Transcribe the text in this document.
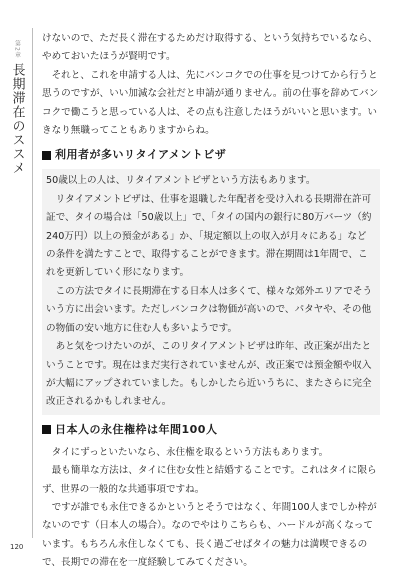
第2章
長期滞在のススメ

けないので、ただ長く滞在するためだけ取得する、という気持ちでいるなら、やめておいたほうが賢明です。
　それと、これを申請する人は、先にバンコクでの仕事を見つけてから行うと思うのですが、いい加減な会社だと申請が通りません。前の仕事を辞めてバンコクで働こうと思っている人は、その点も注意したほうがいいと思います。いきなり無職ってこともありますからね。

利用者が多いリタイアメントビザ

50歳以上の人は、リタイアメントビザという方法もあります。
　リタイアメントビザは、仕事を退職した年配者を受け入れる長期滞在許可証で、タイの場合は「50歳以上」で、「タイの国内の銀行に80万バーツ（約240万円）以上の預金がある」か、「規定額以上の収入が月々にある」などの条件を満たすことで、取得することができます。滞在期間は1年間で、これを更新していく形になります。
　この方法でタイに長期滞在する日本人は多くて、様々な郊外エリアでそういう方に出会います。ただしバンコクは物価が高いので、パタヤや、その他の物価の安い地方に住む人も多いようです。
　あと気をつけたいのが、このリタイアメントビザは昨年、改正案が出たということです。現在はまだ実行されていませんが、改正案では預金額や収入が大幅にアップされていました。もしかしたら近いうちに、またさらに完全改正されるかもしれません。

日本人の永住権枠は年間100人

　タイにずっといたいなら、永住権を取るという方法もあります。
　最も簡単な方法は、タイに住む女性と結婚することです。これはタイに限らず、世界の一般的な共通事項ですね。
　ですが誰でも永住できるかというとそうではなく、年間100人までしか枠がないのです（日本人の場合）。なのでやはりこちらも、ハードルが高くなっています。もちろん永住しなくても、長く過ごせばタイの魅力は満喫できるので、長期での滞在を一度経験してみてください。

120
